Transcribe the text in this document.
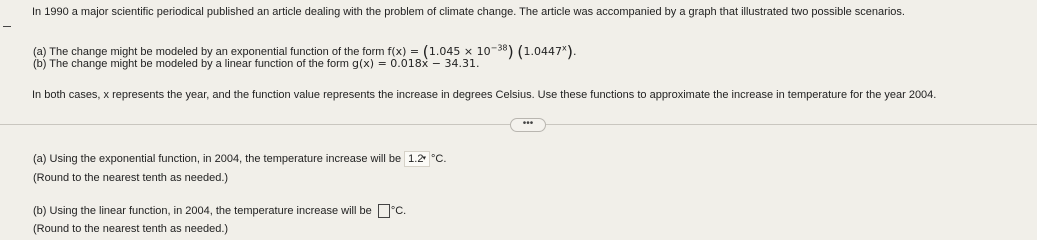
In 1990 a major scientific periodical published an article dealing with the problem of climate change. The article was accompanied by a graph that illustrated two possible scenarios.
(a) The change might be modeled by an exponential function of the form $f(x) = (1.045 \times 10^{-38})$ (1.0447$^x$).
(b) The change might be modeled by a linear function of the form g(x) = 0.018x − 34.31.
In both cases, x represents the year, and the function value represents the increase in degrees Celsius. Use these functions to approximate the increase in temperature for the year 2004.
•••
(a) Using the exponential function, in 2004, the temperature increase will be 1.2▾ °C.
(Round to the nearest tenth as needed.)
(b) Using the linear function, in 2004, the temperature increase will be °C.
(Round to the nearest tenth as needed.)
